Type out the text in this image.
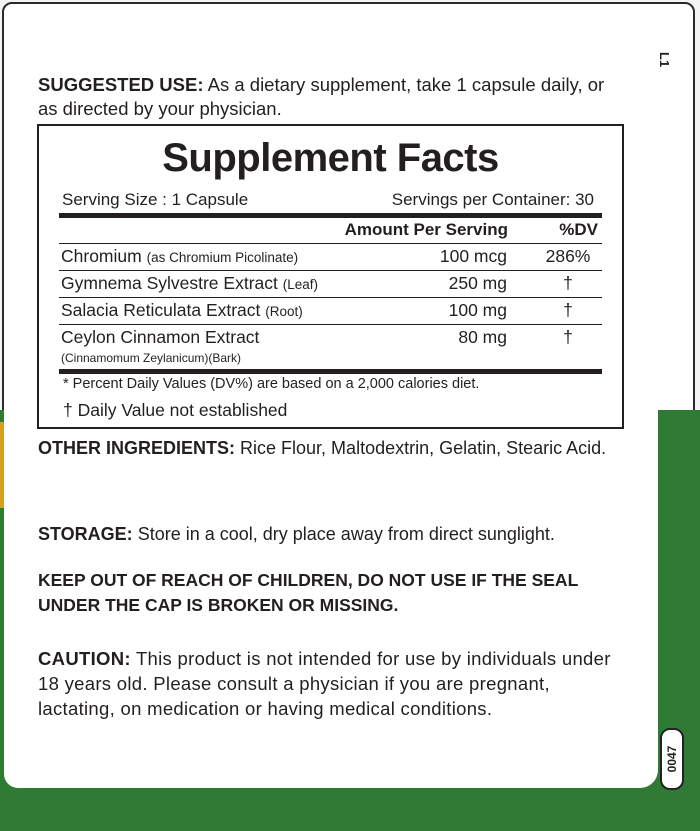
L1
0047
SUGGESTED USE: As a dietary supplement, take 1 capsule daily, or as directed by your physician.
Supplement Facts
Serving Size : 1 Capsule	Servings per Container: 30
Amount Per Serving	%DV
Chromium (as Chromium Picolinate)	100 mcg	286%
Gymnema Sylvestre Extract (Leaf)	250 mg	†
Salacia Reticulata Extract (Root)	100 mg	†
Ceylon Cinnamon Extract	80 mg	†
(Cinnamomum Zeylanicum)(Bark)
* Percent Daily Values (DV%) are based on a 2,000 calories diet.
† Daily Value not established
OTHER INGREDIENTS: Rice Flour, Maltodextrin, Gelatin, Stearic Acid.
STORAGE: Store in a cool, dry place away from direct sunglight.
KEEP OUT OF REACH OF CHILDREN, DO NOT USE IF THE SEAL UNDER THE CAP IS BROKEN OR MISSING.
CAUTION: This product is not intended for use by individuals under 18 years old. Please consult a physician if you are pregnant, lactating, on medication or having medical conditions.
